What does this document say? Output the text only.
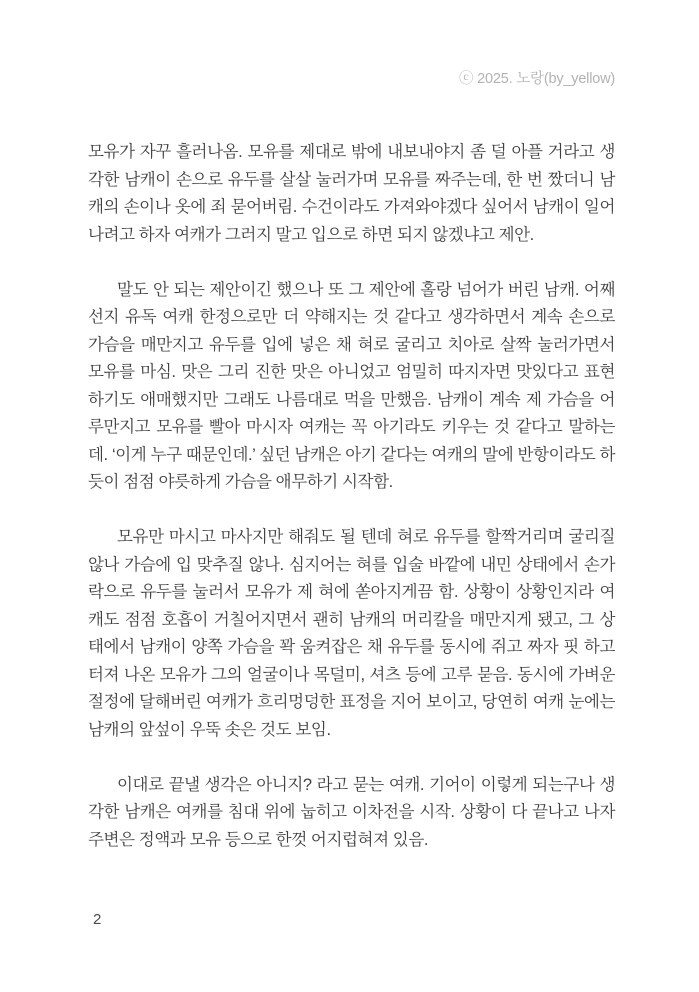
ⓒ 2025. 노랑(by_yellow)

모유가 자꾸 흘러나옴. 모유를 제대로 밖에 내보내야지 좀 덜 아플 거라고 생각한 남캐이 손으로 유두를 살살 눌러가며 모유를 짜주는데, 한 번 짰더니 남캐의 손이나 옷에 죄 묻어버림. 수건이라도 가져와야겠다 싶어서 남캐이 일어나려고 하자 여캐가 그러지 말고 입으로 하면 되지 않겠냐고 제안.

말도 안 되는 제안이긴 했으나 또 그 제안에 홀랑 넘어가 버린 남캐. 어째선지 유독 여캐 한정으로만 더 약해지는 것 같다고 생각하면서 계속 손으로 가슴을 매만지고 유두를 입에 넣은 채 혀로 굴리고 치아로 살짝 눌러가면서 모유를 마심. 맛은 그리 진한 맛은 아니었고 엄밀히 따지자면 맛있다고 표현하기도 애매했지만 그래도 나름대로 먹을 만했음. 남캐이 계속 제 가슴을 어루만지고 모유를 빨아 마시자 여캐는 꼭 아기라도 키우는 것 같다고 말하는데. ‘이게 누구 때문인데.’ 싶던 남캐은 아기 같다는 여캐의 말에 반항이라도 하듯이 점점 야릇하게 가슴을 애무하기 시작함.

모유만 마시고 마사지만 해줘도 될 텐데 혀로 유두를 할짝거리며 굴리질 않나 가슴에 입 맞추질 않나. 심지어는 혀를 입술 바깥에 내민 상태에서 손가락으로 유두를 눌러서 모유가 제 혀에 쏟아지게끔 함. 상황이 상황인지라 여캐도 점점 호흡이 거칠어지면서 괜히 남캐의 머리칼을 매만지게 됐고, 그 상태에서 남캐이 양쪽 가슴을 꽉 움켜잡은 채 유두를 동시에 쥐고 짜자 핏 하고 터져 나온 모유가 그의 얼굴이나 목덜미, 셔츠 등에 고루 묻음. 동시에 가벼운 절정에 달해버린 여캐가 흐리멍덩한 표정을 지어 보이고, 당연히 여캐 눈에는 남캐의 앞섶이 우뚝 솟은 것도 보임.

이대로 끝낼 생각은 아니지? 라고 묻는 여캐. 기어이 이렇게 되는구나 생각한 남캐은 여캐를 침대 위에 눕히고 이차전을 시작. 상황이 다 끝나고 나자 주변은 정액과 모유 등으로 한껏 어지럽혀져 있음.

2
